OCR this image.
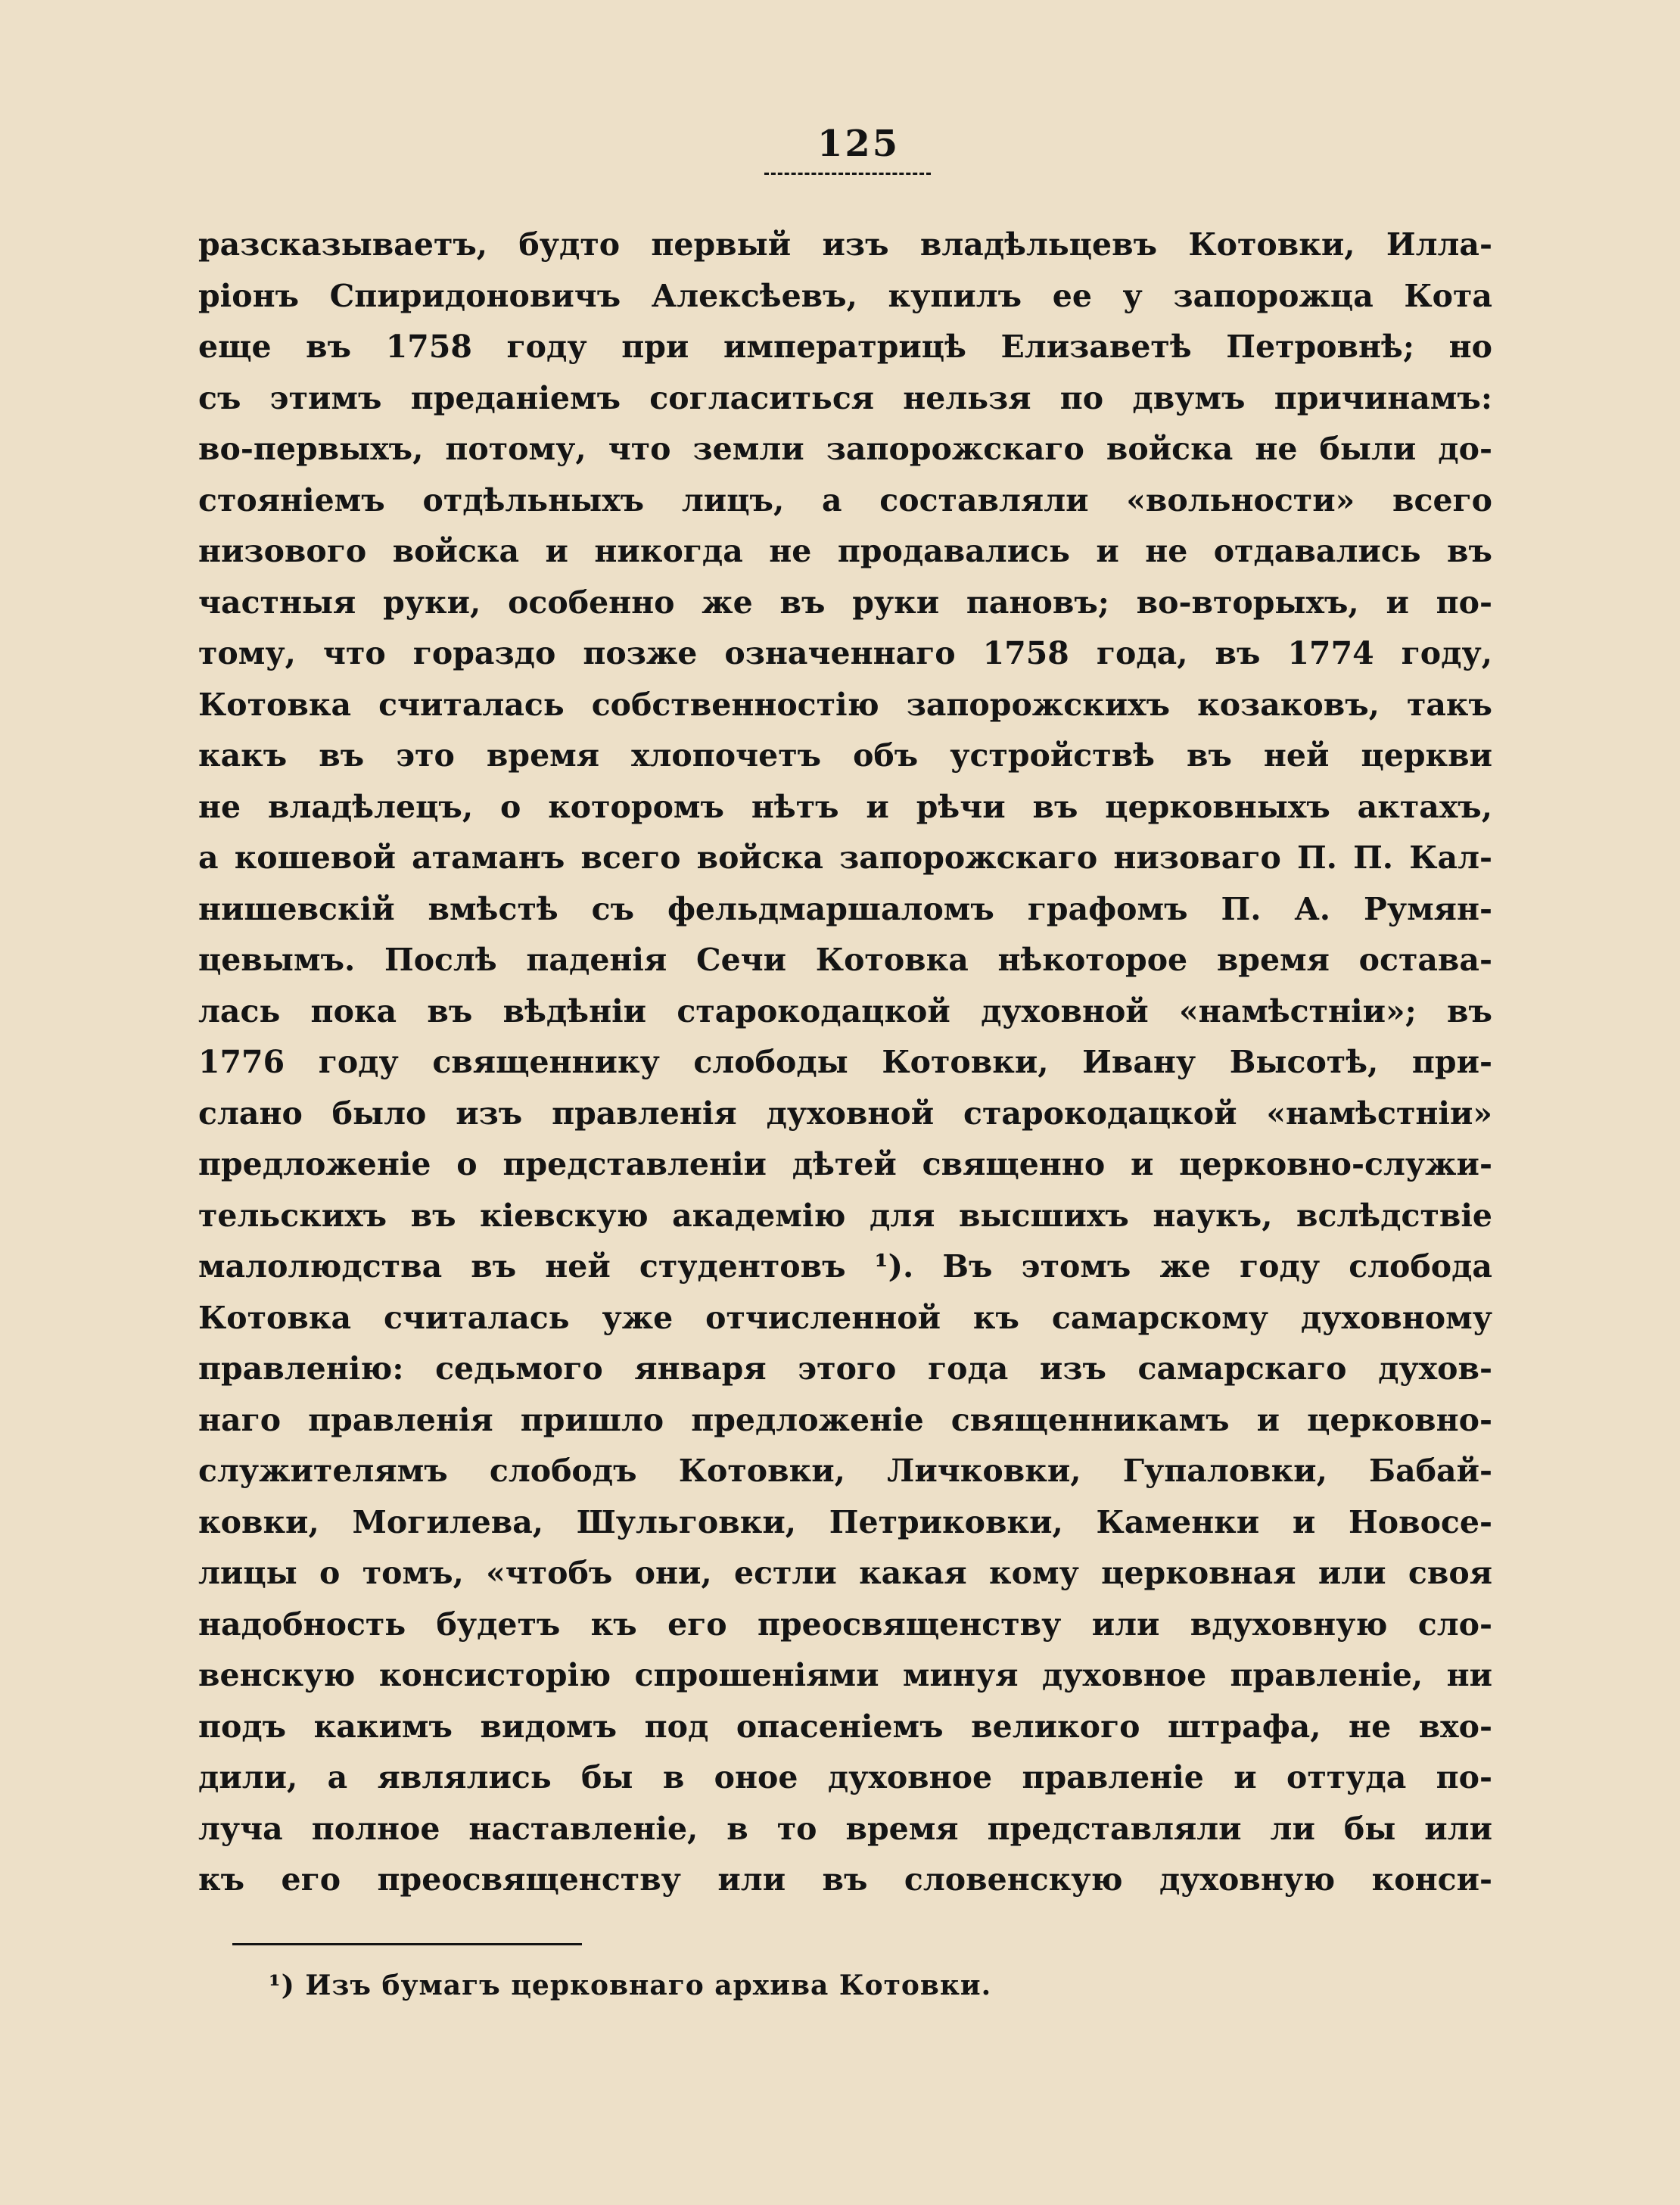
125
разсказываетъ, будто первый изъ владѣльцевъ Котовки, Илла-
ріонъ Спиридоновичъ Алексѣевъ, купилъ ее у запорожца Кота
еще въ 1758 году при императрицѣ Елизаветѣ Петровнѣ; но
съ этимъ преданіемъ согласиться нельзя по двумъ причинамъ:
во-первыхъ, потому, что земли запорожскаго войска не были до-
стояніемъ отдѣльныхъ лицъ, а составляли «вольности» всего
низового войска и никогда не продавались и не отдавались въ
частныя руки, особенно же въ руки пановъ; во-вторыхъ, и по-
тому, что гораздо позже означеннаго 1758 года, въ 1774 году,
Котовка считалась собственностію запорожскихъ козаковъ, такъ
какъ въ это время хлопочетъ объ устройствѣ въ ней церкви
не владѣлецъ, о которомъ нѣтъ и рѣчи въ церковныхъ актахъ,
а кошевой атаманъ всего войска запорожскаго низоваго П. П. Кал-
нишевскій вмѣстѣ съ фельдмаршаломъ графомъ П. А. Румян-
цевымъ. Послѣ паденія Сечи Котовка нѣкоторое время остава-
лась пока въ вѣдѣніи старокодацкой духовной «намѣстніи»; въ
1776 году священнику слободы Котовки, Ивану Высотѣ, при-
слано было изъ правленія духовной старокодацкой «намѣстніи»
предложеніе о представленіи дѣтей священно и церковно-служи-
тельскихъ въ кіевскую академію для высшихъ наукъ, вслѣдствіе
малолюдства въ ней студентовъ ¹). Въ этомъ же году слобода
Котовка считалась уже отчисленной къ самарскому духовному
правленію: седьмого января этого года изъ самарскаго духов-
наго правленія пришло предложеніе священникамъ и церковно-
служителямъ слободъ Котовки, Личковки, Гупаловки, Бабай-
ковки, Могилева, Шульговки, Петриковки, Каменки и Новосе-
лицы о томъ, «чтобъ они, естли какая кому церковная или своя
надобность будетъ къ его преосвященству или вдуховную сло-
венскую консисторію спрошеніями минуя духовное правленіе, ни
подъ какимъ видомъ под опасеніемъ великого штрафа, не вхо-
дили, а являлись бы в оное духовное правленіе и оттуда по-
луча полное наставленіе, в то время представляли ли бы или
къ его преосвященству или въ словенскую духовную конси-
¹) Изъ бумагъ церковнаго архива Котовки.
